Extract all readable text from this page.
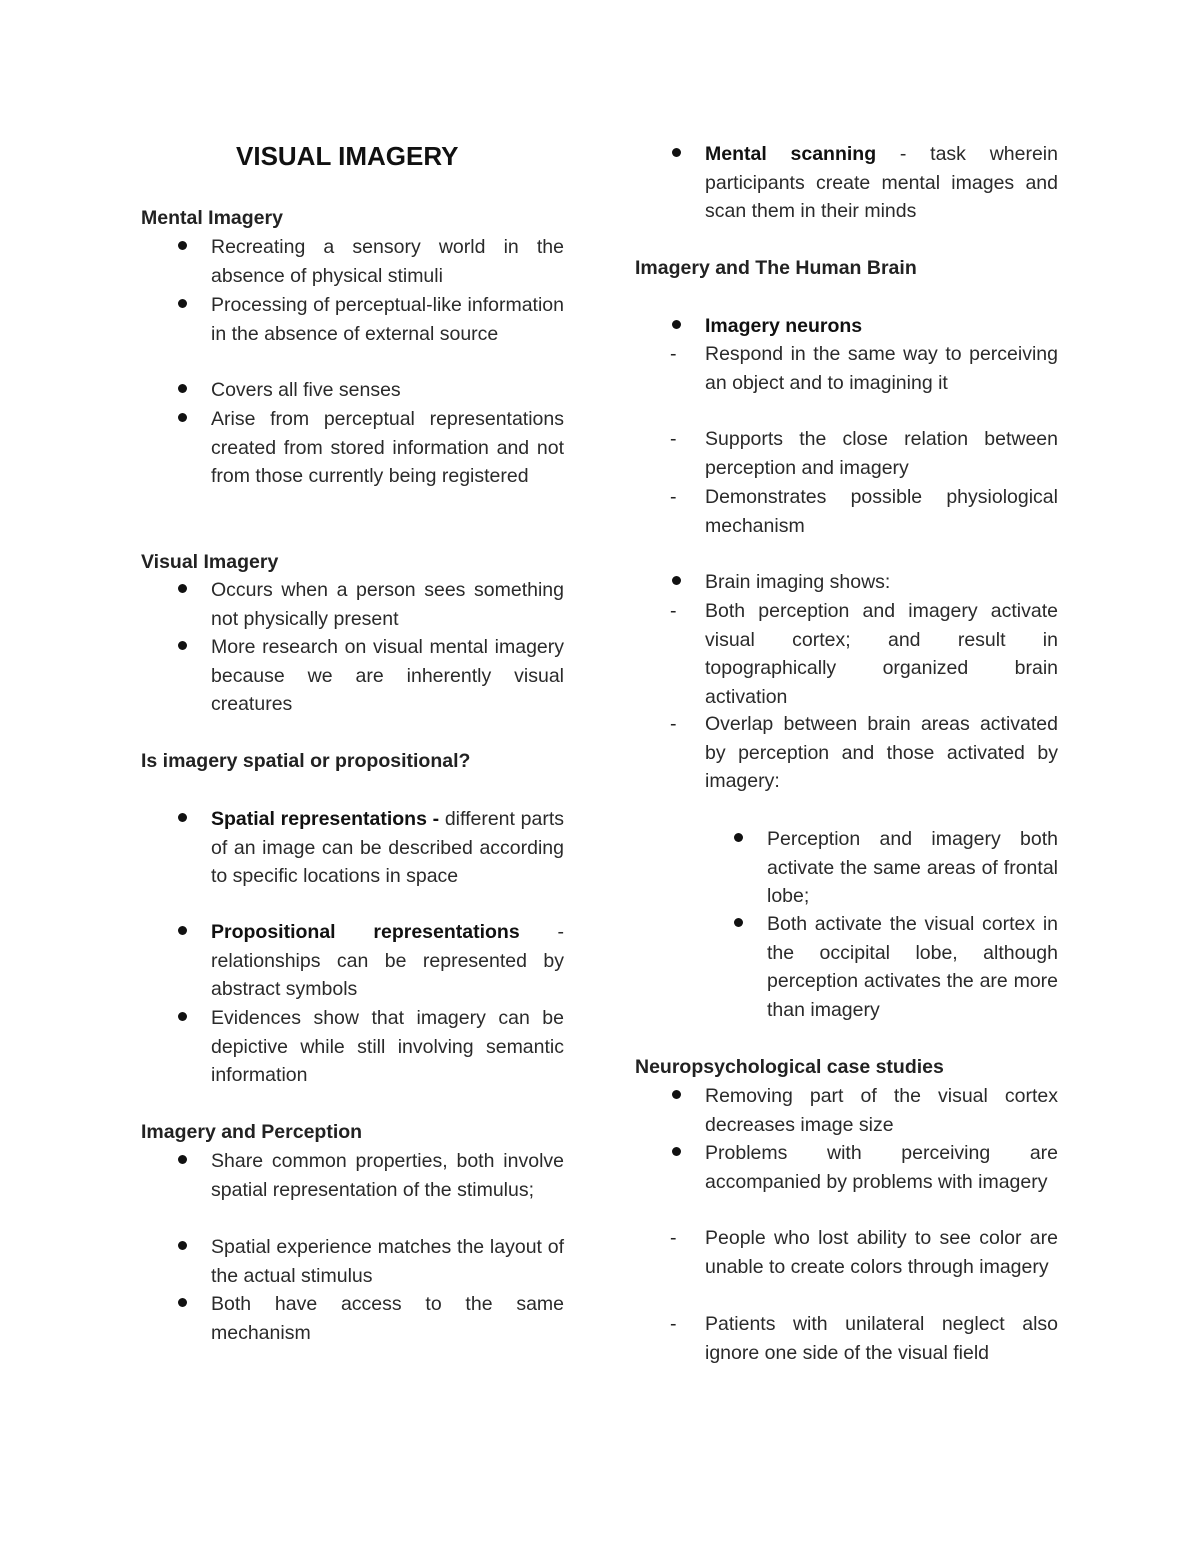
VISUAL IMAGERY
Mental Imagery
Recreating a sensory world in the absence of physical stimuli
Processing of perceptual-like information in the absence of external source
Covers all five senses
Arise from perceptual representations created from stored information and not from those currently being registered
Visual Imagery
Occurs when a person sees something not physically present
More research on visual mental imagery because we are inherently visual creatures
Is imagery spatial or propositional?
Spatial representations - different parts of an image can be described according to specific locations in space
Propositional representations - relationships can be represented by abstract symbols
Evidences show that imagery can be depictive while still involving semantic information
Imagery and Perception
Share common properties, both involve spatial representation of the stimulus;
Spatial experience matches the layout of the actual stimulus
Both have access to the same mechanism
Mental scanning - task wherein participants create mental images and scan them in their minds
Imagery and The Human Brain
Imagery neurons
- Respond in the same way to perceiving an object and to imagining it
- Supports the close relation between perception and imagery
- Demonstrates possible physiological mechanism
Brain imaging shows:
- Both perception and imagery activate visual cortex; and result in topographically organized brain activation
- Overlap between brain areas activated by perception and those activated by imagery:
Perception and imagery both activate the same areas of frontal lobe;
Both activate the visual cortex in the occipital lobe, although perception activates the are more than imagery
Neuropsychological case studies
Removing part of the visual cortex decreases image size
Problems with perceiving are accompanied by problems with imagery
- People who lost ability to see color are unable to create colors through imagery
- Patients with unilateral neglect also ignore one side of the visual field
